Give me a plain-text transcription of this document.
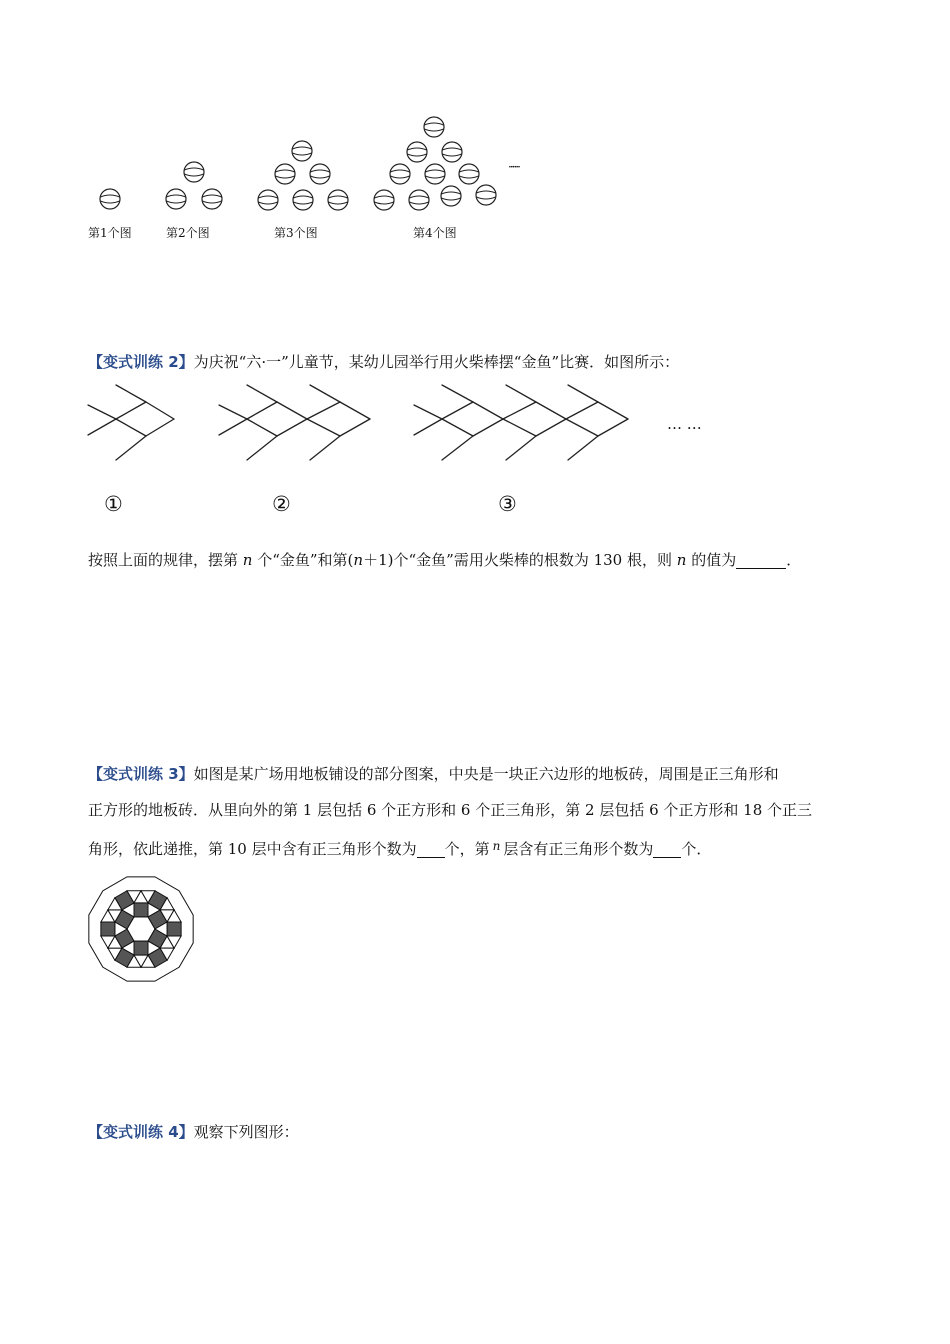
······
第1个图	第2个图	第3个图	第4个图
【变式训练 2】为庆祝“六·一”儿童节，某幼儿园举行用火柴棒摆“金鱼”比赛．如图所示：
… …
①	②	③
按照上面的规律，摆第 n 个“金鱼”和第(n＋1)个“金鱼”需用火柴棒的根数为 130 根，则 n 的值为	．
【变式训练 3】如图是某广场用地板铺设的部分图案，中央是一块正六边形的地板砖，周围是正三角形和
正方形的地板砖．从里向外的第 1 层包括 6 个正方形和 6 个正三角形，第 2 层包括 6 个正方形和 18 个正三
角形，依此递推，第 10 层中含有正三角形个数为 个，第 $^n$ 层含有正三角形个数为 个．
【变式训练 4】观察下列图形：
